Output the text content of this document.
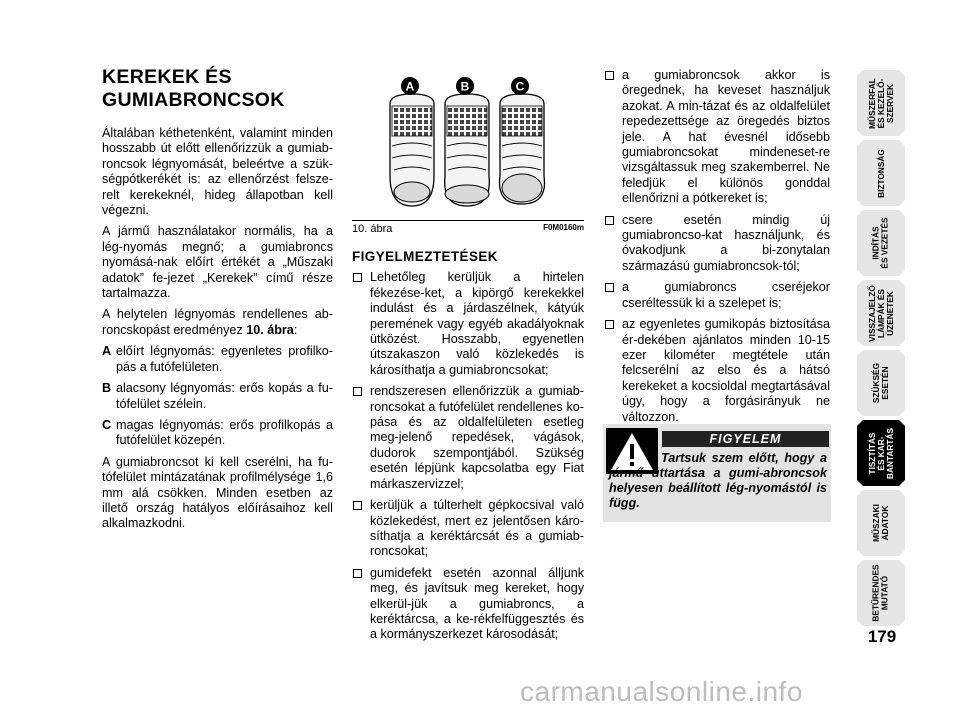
KEREKEK ÉS
GUMIABRONCSOK

Általában kéthetenként, valamint minden hosszabb út előtt ellenőrizzük a gumiab-roncsok légnyomását, beleértve a szük-ségpótkerékét is: az ellenőrzést felsze-relt kerekeknél, hideg állapotban kell végezni.

A jármű használatakor normális, ha a lég-nyomás megnő; a gumiabroncs nyomásá-nak előírt értékét a „Műszaki adatok” fe-jezet „Kerekek” című része tartalmazza.

A helytelen légnyomás rendellenes ab-roncskopást eredményez 10. ábra:

A előírt légnyomás: egyenletes profilko-pás a futófelületen.
B alacsony légnyomás: erős kopás a fu-tófelület szélein.
C magas légnyomás: erős profilkopás a futófelület közepén.

A gumiabroncsot ki kell cserélni, ha fu-tófelület mintázatának profilmélysége 1,6 mm alá csökken. Minden esetben az illető ország hatályos előírásaihoz kell alkalmazkodni.

A	B	C
10. ábra	F0M0160m
FIGYELMEZTETÉSEK
Lehetőleg kerüljük a hirtelen fékezése-ket, a kipörgő kerekekkel indulást és a járdaszélnek, kátyúk peremének vagy egyéb akadályoknak ütközést. Hosszabb, egyenetlen útszakaszon való közlekedés is károsíthatja a gumiabroncsokat;
rendszeresen ellenőrizzük a gumiab-roncsokat a futófelület rendellenes ko-pása és az oldalfelületen esetleg meg-jelenő repedések, vágások, dudorok szempontjából. Szükség esetén lépjünk kapcsolatba egy Fiat márkaszervizzel;
kerüljük a túlterhelt gépkocsival való közlekedést, mert ez jelentősen káro-síthatja a keréktárcsát és a gumiab-roncsokat;
gumidefekt esetén azonnal álljunk meg, és javítsuk meg kereket, hogy elkerül-jük a gumiabroncs, a keréktárcsa, a ke-rékfelfüggesztés és a kormányszerkezet károsodását;
a gumiabroncsok akkor is öregednek, ha keveset használjuk azokat. A min-tázat és az oldalfelület repedezettsége az öregedés biztos jele. A hat évesnél idősebb gumiabroncsokat mindeneset-re vizsgáltassuk meg szakemberrel. Ne feledjük el különös gonddal ellenőrizni a pótkereket is;
csere esetén mindig új gumiabroncso-kat használjunk, és óvakodjunk a bi-zonytalan származású gumiabroncsok-tól;
a gumiabroncs cseréjekor cseréltessük ki a szelepet is;
az egyenletes gumikopás biztosítása ér-dekében ajánlatos minden 10-15 ezer kilométer megtétele után felcserélni az elso és a hátsó kerekeket a kocsioldal megtartásával úgy, hogy a forgásirányuk ne változzon.
FIGYELEM
Tartsuk szem előtt, hogy a jármű úttartása a gumi-abroncsok helyesen beállított lég-nyomástól is függ.
MŰSZERFAL
ÉS KEZELŐ-
SZERVEK
BIZTONSÁG
INDÍTÁS
ÉS VEZETÉS
VISSZAJELZŐ
LÁMPÁK ÉS
ÜZENETEK
SZÜKSÉG
ESETÉN
TISZTÍTÁS
ÉS KAR-
BANTARTÁS
MŰSZAKI
ADATOK
BETŰRENDES
MUTATÓ
179
carmanualsonline.info
